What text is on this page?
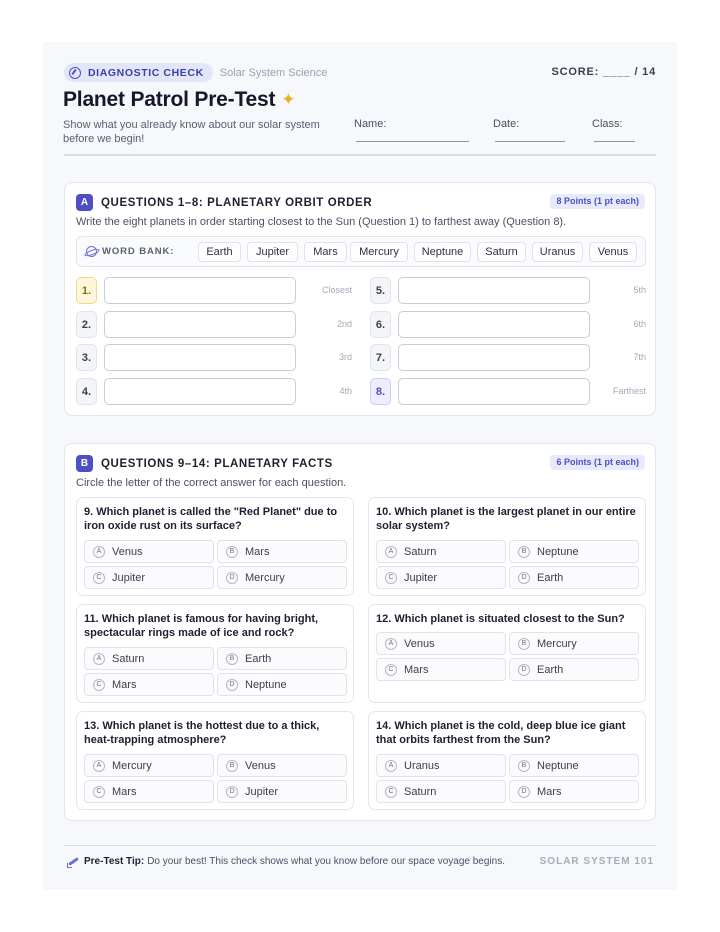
DIAGNOSTIC CHECK Solar System Science	SCORE: ____ / 14
Planet Patrol Pre-Test ✦
Show what you already know about our solar system before we begin!
Name:	Date:	Class:
A	QUESTIONS 1–8: PLANETARY ORBIT ORDER	8 Points (1 pt each)
Write the eight planets in order starting closest to the Sun (Question 1) to farthest away (Question 8).
WORD BANK:	Earth	Jupiter	Mars	Mercury	Neptune	Saturn	Uranus	Venus
1.	Closest
2.	2nd
3.	3rd
4.	4th
5.	5th
6.	6th
7.	7th
8.	Farthest
B	QUESTIONS 9–14: PLANETARY FACTS	6 Points (1 pt each)
Circle the letter of the correct answer for each question.
9. Which planet is called the "Red Planet" due to iron oxide rust on its surface?
A Venus	B Mars
C Jupiter	D Mercury
10. Which planet is the largest planet in our entire solar system?
A Saturn	B Neptune
C Jupiter	D Earth
11. Which planet is famous for having bright, spectacular rings made of ice and rock?
A Saturn	B Earth
C Mars	D Neptune
12. Which planet is situated closest to the Sun?
A Venus	B Mercury
C Mars	D Earth
13. Which planet is the hottest due to a thick, heat-trapping atmosphere?
A Mercury	B Venus
C Mars	D Jupiter
14. Which planet is the cold, deep blue ice giant that orbits farthest from the Sun?
A Uranus	B Neptune
C Saturn	D Mars
Pre-Test Tip: Do your best! This check shows what you know before our space voyage begins.	SOLAR SYSTEM 101
